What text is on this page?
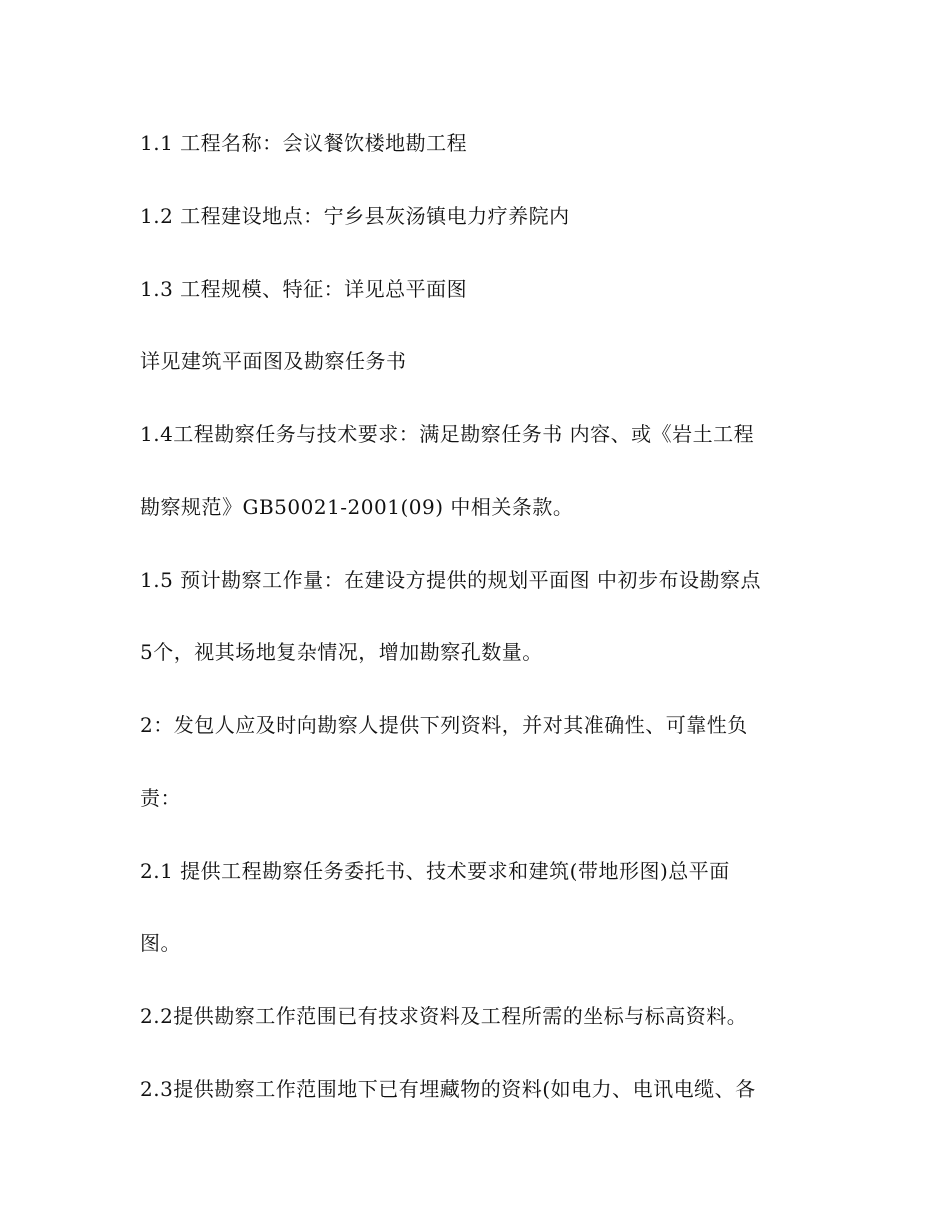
1.1 工程名称：会议餐饮楼地勘工程

1.2 工程建设地点：宁乡县灰汤镇电力疗养院内

1.3 工程规模、特征：详见总平面图

详见建筑平面图及勘察任务书

1.4工程勘察任务与技术要求：满足勘察任务书 内容、或《岩土工程

勘察规范》GB50021-2001(09) 中相关条款。

1.5 预计勘察工作量：在建设方提供的规划平面图 中初步布设勘察点

5个，视其场地复杂情况，增加勘察孔数量。

2：发包人应及时向勘察人提供下列资料，并对其准确性、可靠性负

责：

2.1 提供工程勘察任务委托书、技术要求和建筑(带地形图)总平面

图。

2.2提供勘察工作范围已有技求资料及工程所需的坐标与标高资料。

2.3提供勘察工作范围地下已有埋藏物的资料(如电力、电讯电缆、各
